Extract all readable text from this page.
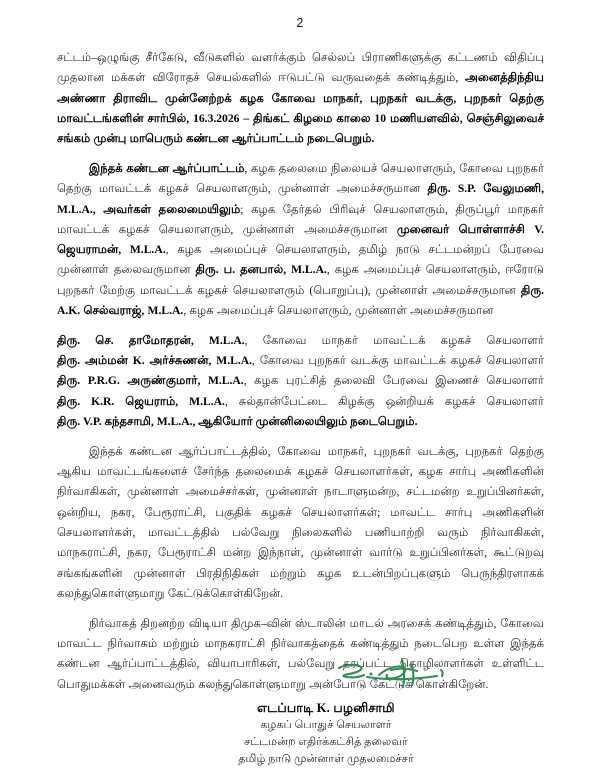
2

சட்டம்–ஒழுங்கு சீர்கேடு, வீடுகளில் வளர்க்கும் செல்லப் பிராணிகளுக்கு கட்டணம் விதிப்பு முதலான மக்கள் விரோதச் செயல்களில் ஈடுபட்டு வருவதைக் கண்டித்தும், அனைத்திந்திய அண்ணா திராவிட முன்னேற்றக் கழக கோவை மாநகர், புறநகர் வடக்கு, புறநகர் தெற்கு மாவட்டங்களின் சார்பில், 16.3.2026 – திங்கட் கிழமை காலை 10 மணியளவில், செஞ்சிலுவைச் சங்கம் முன்பு மாபெரும் கண்டன ஆர்ப்பாட்டம் நடைபெறும்.

இந்தக் கண்டன ஆர்ப்பாட்டம், கழக தலைமை நிலையச் செயலாளரும், கோவை புறநகர் தெற்கு மாவட்டக் கழகச் செயலாளரும், முன்னாள் அமைச்சருமான திரு. S.P. வேலுமணி, M.L.A., அவர்கள் தலைமையிலும்; கழக தேர்தல் பிரிவுச் செயலாளரும், திருப்பூர் மாநகர் மாவட்டக் கழகச் செயலாளரும், முன்னாள் அமைச்சருமான முனைவர் பொள்ளாச்சி V. ஜெயராமன், M.L.A., கழக அமைப்புச் செயலாளரும், தமிழ் நாடு சட்டமன்றப் பேரவை முன்னாள் தலைவருமான திரு. ப. தனபால், M.L.A., கழக அமைப்புச் செயலாளரும், ஈரோடு புறநகர் மேற்கு மாவட்டக் கழகச் செயலாளரும் (பொறுப்பு), முன்னாள் அமைச்சருமான திரு. A.K. செல்வராஜ், M.L.A., கழக அமைப்புச் செயலாளரும், முன்னாள் அமைச்சருமான

திரு. செ. தாமோதரன், M.L.A., கோவை மாநகர் மாவட்டக் கழகச் செயலாளர்
திரு. அம்மன் K. அர்ச்சுணன், M.L.A., கோவை புறநகர் வடக்கு மாவட்டக் கழகச் செயலாளர்
திரு. P.R.G. அருண்குமார், M.L.A., கழக புரட்சித் தலைவி பேரவை இணைச் செயலாளர்
திரு. K.R. ஜெயராம், M.L.A., சுல்தான்பேட்டை கிழக்கு ஒன்றியக் கழகச் செயலாளர்
திரு. V.P. கந்தசாமி, M.L.A., ஆகியோர் முன்னிலையிலும் நடைபெறும்.

இந்தக் கண்டன ஆர்ப்பாட்டத்தில், கோவை மாநகர், புறநகர் வடக்கு, புறநகர் தெற்கு ஆகிய மாவட்டங்களைச் சேர்ந்த தலைமைக் கழகச் செயலாளர்கள், கழக சார்பு அணிகளின் நிர்வாகிகள், முன்னாள் அமைச்சர்கள், முன்னாள் நாடாளுமன்ற, சட்டமன்ற உறுப்பினர்கள், ஒன்றிய, நகர, பேரூராட்சி, பகுதிக் கழகச் செயலாளர்கள்; மாவட்ட சார்பு அணிகளின் செயலாளர்கள், மாவட்டத்தில் பல்வேறு நிலைகளில் பணியாற்றி வரும் நிர்வாகிகள், மாநகராட்சி, நகர, பேரூராட்சி மன்ற இந்நாள், முன்னாள் வார்டு உறுப்பினர்கள், கூட்டுறவு சங்கங்களின் முன்னாள் பிரதிநிதிகள் மற்றும் கழக உடன்பிறப்புகளும் பெருந்திரளாகக் கலந்துகொள்ளுமாறு கேட்டுக்கொள்கிறேன்.

நிர்வாகத் திறனற்ற விடியா திமுக–வின் ஸ்டாலின் மாடல் அரசைக் கண்டித்தும், கோவை மாவட்ட நிர்வாகம் மற்றும் மாநகராட்சி நிர்வாகத்தைக் கண்டித்தும் நடைபெற உள்ள இந்தக் கண்டன ஆர்ப்பாட்டத்தில், வியாபாரிகள், பல்வேறு தரப்பட்ட தொழிலாளர்கள் உள்ளிட்ட பொதுமக்கள் அனைவரும் கலந்துகொள்ளுமாறு அன்போடு கேட்டுக் கொள்கிறேன்.

எடப்பாடி K. பழனிசாமி
கழகப் பொதுச் செயலாளர்
சட்டமன்ற எதிர்க்கட்சித் தலைவர்
தமிழ் நாடு முன்னாள் முதலமைச்சர்
